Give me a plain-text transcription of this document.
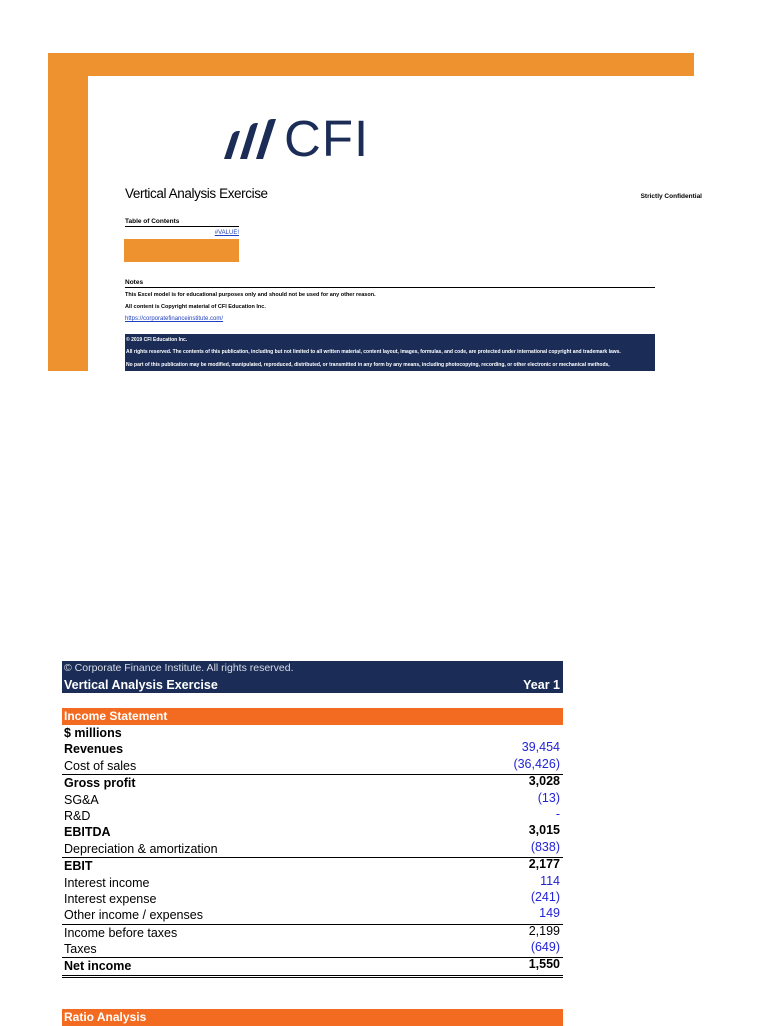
CFI
Vertical Analysis Exercise	Strictly Confidential
Table of Contents
#VALUE!
Notes
This Excel model is for educational purposes only and should not be used for any other reason.
All content is Copyright material of CFI Education Inc.
https://corporatefinanceinstitute.com/
© 2019 CFI Education Inc.
All rights reserved. The contents of this publication, including but not limited to all written material, content layout, images, formulas, and code, are protected under international copyright and trademark laws.
No part of this publication may be modified, manipulated, reproduced, distributed, or transmitted in any form by any means, including photocopying, recording, or other electronic or mechanical methods,
© Corporate Finance Institute. All rights reserved.
Vertical Analysis Exercise	Year 1
Income Statement
$ millions
Revenues	39,454
Cost of sales	(36,426)
Gross profit	3,028
SG&A	(13)
R&D	-
EBITDA	3,015
Depreciation & amortization	(838)
EBIT	2,177
Interest income	114
Interest expense	(241)
Other income / expenses	149
Income before taxes	2,199
Taxes	(649)
Net income	1,550
Ratio Analysis
